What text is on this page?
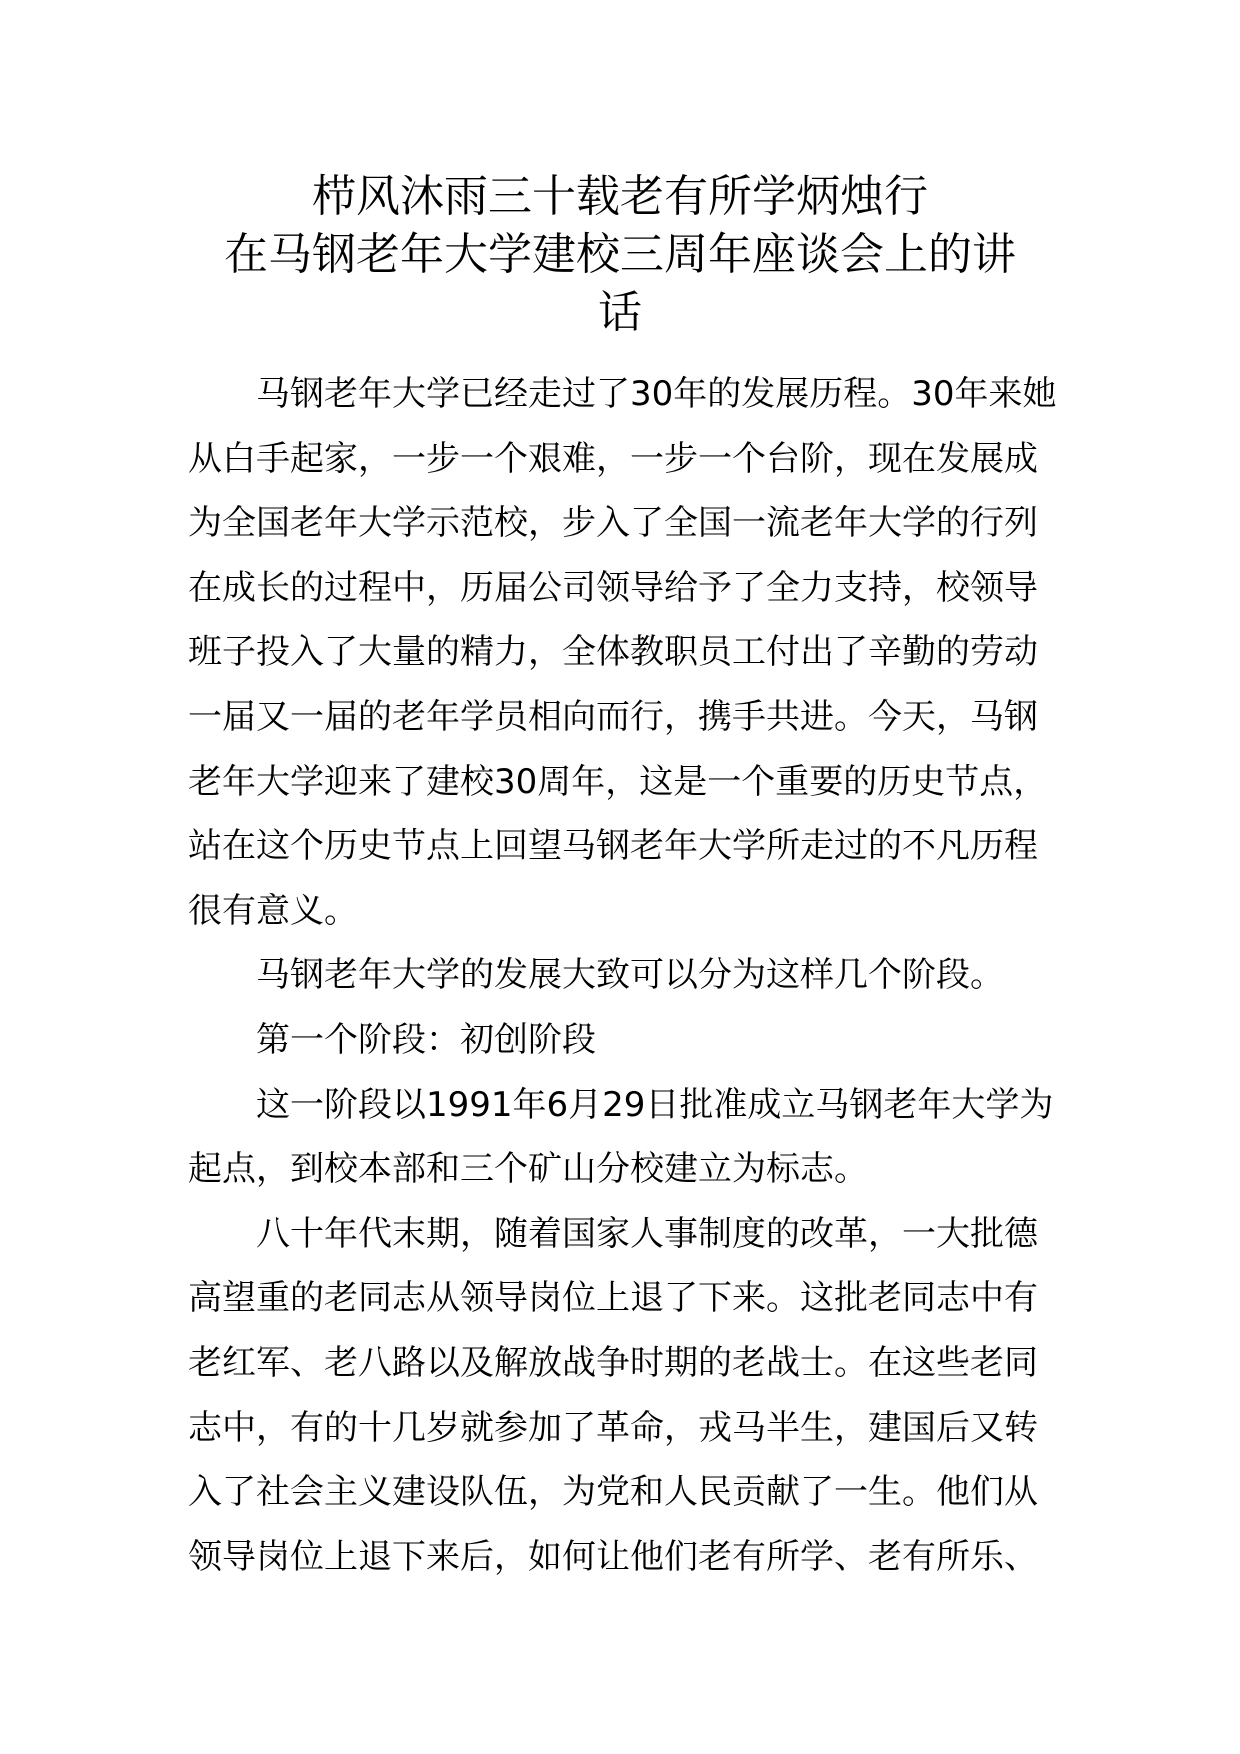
栉风沐雨三十载老有所学炳烛行

在马钢老年大学建校三周年座谈会上的讲

话

马钢老年大学已经走过了30年的发展历程。30年来她

从白手起家，一步一个艰难，一步一个台阶，现在发展成

为全国老年大学示范校，步入了全国一流老年大学的行列

在成长的过程中，历届公司领导给予了全力支持，校领导

班子投入了大量的精力，全体教职员工付出了辛勤的劳动

一届又一届的老年学员相向而行，携手共进。今天，马钢

老年大学迎来了建校30周年，这是一个重要的历史节点，

站在这个历史节点上回望马钢老年大学所走过的不凡历程

很有意义。

马钢老年大学的发展大致可以分为这样几个阶段。

第一个阶段：初创阶段

这一阶段以1991年6月29日批准成立马钢老年大学为

起点，到校本部和三个矿山分校建立为标志。

八十年代末期，随着国家人事制度的改革，一大批德

高望重的老同志从领导岗位上退了下来。这批老同志中有

老红军、老八路以及解放战争时期的老战士。在这些老同

志中，有的十几岁就参加了革命，戎马半生，建国后又转

入了社会主义建设队伍，为党和人民贡献了一生。他们从

领导岗位上退下来后，如何让他们老有所学、老有所乐、
